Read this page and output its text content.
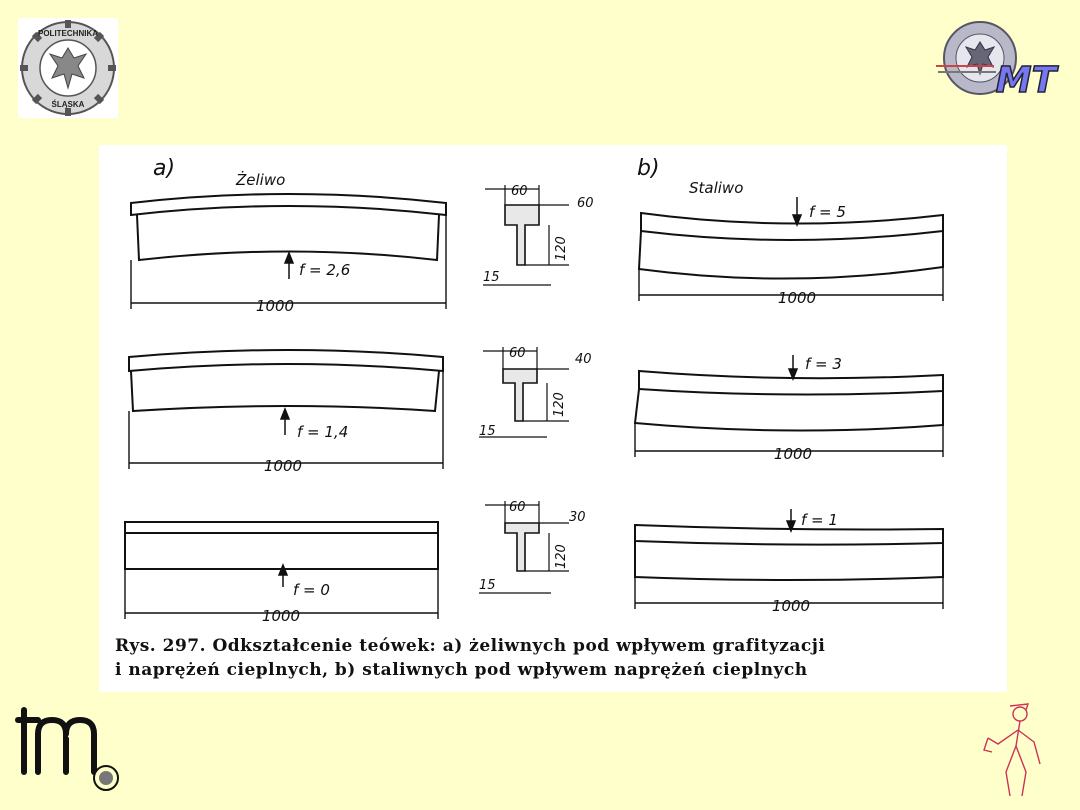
POLITECHNIKA
ŚLĄSKA
MT
a)	Żeliwo	b)
Staliwo
f = 2,6
f = 1,4
f = 0
f = 5
f = 3
f = 1
1000
1000
1000
1000
1000
1000
60
60
120
15
60	40
120
15
60
30
120
15
Rys. 297. Odkształcenie teówek: a) żeliwnych pod wpływem grafityzacji
i naprężeń cieplnych, b) staliwnych pod wpływem naprężeń cieplnych
